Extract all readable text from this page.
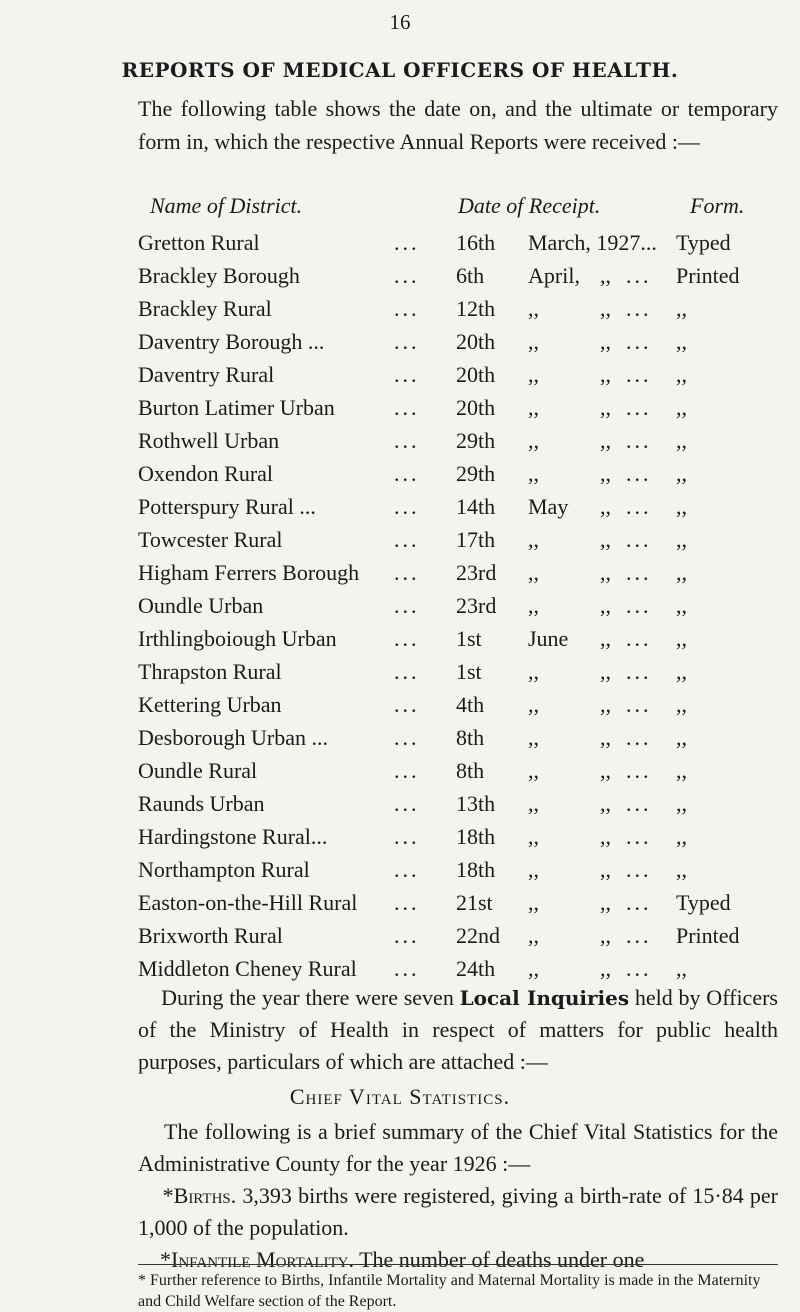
16
REPORTS OF MEDICAL OFFICERS OF HEALTH.
The following table shows the date on, and the ultimate or temporary form in, which the respective Annual Reports were received :—
Name of District.	Date of Receipt.	Form.
Gretton Rural	...	16th March, 1927... Typed
Brackley Borough	...	6th April, ,, ... Printed
Brackley Rural	...	12th ,,	,, ... ,,
Daventry Borough ...	...	20th ,,	,, ... ,,
Daventry Rural	...	20th ,,	,, ... ,,
Burton Latimer Urban	...	20th ,,	,, ... ,,
Rothwell Urban	...	29th ,,	,, ... ,,
Oxendon Rural	...	29th ,,	,, ... ,,
Potterspury Rural ...	...	14th May ,, ... ,,
Towcester Rural	...	17th ,,	,, ... ,,
Higham Ferrers Borough ...	23rd ,,	,, ... ,,
Oundle Urban	...	23rd ,,	,, ... ,,
Irthlingboiough Urban	...	1st June ,, ... ,,
Thrapston Rural	...	1st ,,	,, ... ,,
Kettering Urban	...	4th ,,	,, ... ,,
Desborough Urban ...	...	8th ,,	,, ... ,,
Oundle Rural	...	8th ,,	,, ... ,,
Raunds Urban	...	13th ,,	,, ... ,,
Hardingstone Rural...	...	18th ,,	,, ... ,,
Northampton Rural	...	18th ,,	,, ... ,,
Easton-on-the-Hill Rural ...	21st ,,	,, ... Typed
Brixworth Rural	...	22nd ,,	,, ... Printed
Middleton Cheney Rural ...	24th ,,	,, ... ,,
During the year there were seven Local Inquiries held by Officers of the Ministry of Health in respect of matters for public health purposes, particulars of which are attached :—
Chief Vital Statistics.
The following is a brief summary of the Chief Vital Statistics for the Administrative County for the year 1926 :—
*Births. 3,393 births were registered, giving a birth-rate of 15·84 per 1,000 of the population.
*Infantile Mortality. The number of deaths under one
* Further reference to Births, Infantile Mortality and Maternal Mortality is made in the Maternity and Child Welfare section of the Report.
